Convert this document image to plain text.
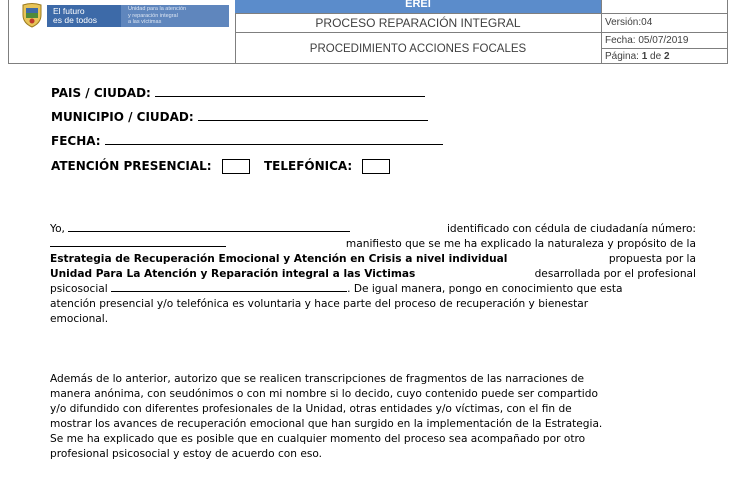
El futuro
es de todos
Unidad para la atención
y reparación integral
a las víctimas
EREI
PROCESO REPARACIÓN INTEGRAL
PROCEDIMIENTO ACCIONES FOCALES
Versión:04
Fecha: 05/07/2019
Página: 1 de 2
PAIS / CIUDAD:
MUNICIPIO / CIUDAD:
FECHA:
ATENCIÓN PRESENCIAL:	TELEFÓNICA:
Yo,	identificado con cédula de ciudadanía número:
manifiesto que se me ha explicado la naturaleza y propósito de la
Estrategia de Recuperación Emocional y Atención en Crisis a nivel individual	propuesta por la
Unidad Para La Atención y Reparación integral a las Victimas	desarrollada por el profesional
psicosocial	. De igual manera, pongo en conocimiento que esta
atención presencial y/o telefónica es voluntaria y hace parte del proceso de recuperación y bienestar
emocional.
Además de lo anterior, autorizo que se realicen transcripciones de fragmentos de las narraciones de
manera anónima, con seudónimos o con mi nombre si lo decido, cuyo contenido puede ser compartido
y/o difundido con diferentes profesionales de la Unidad, otras entidades y/o víctimas, con el fin de
mostrar los avances de recuperación emocional que han surgido en la implementación de la Estrategia.
Se me ha explicado que es posible que en cualquier momento del proceso sea acompañado por otro
profesional psicosocial y estoy de acuerdo con eso.
